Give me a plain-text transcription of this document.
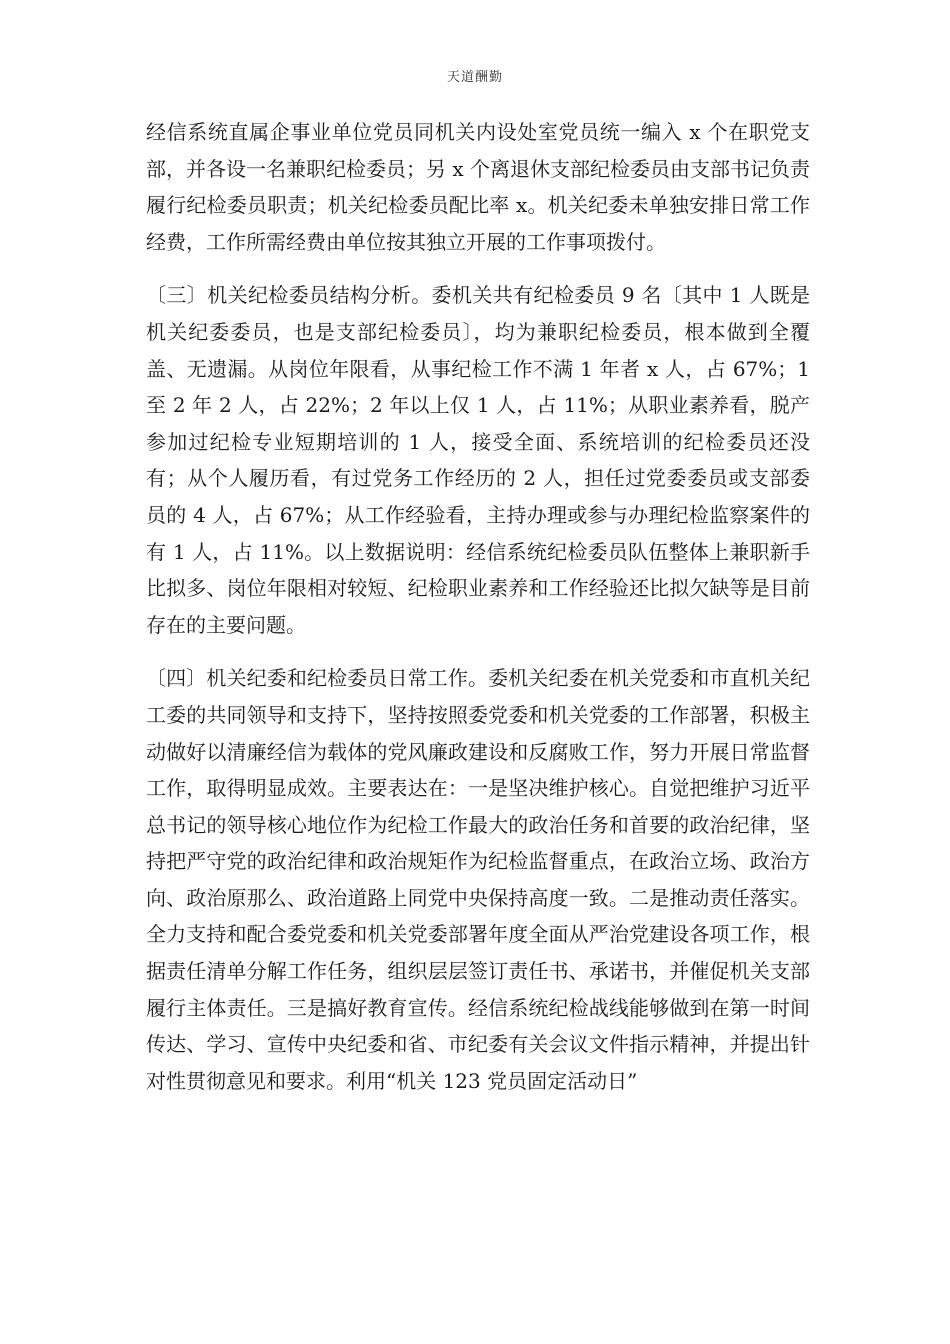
天道酬勤

经信系统直属企事业单位党员同机关内设处室党员统一编入 x 个在职党支部，并各设一名兼职纪检委员；另 x 个离退休支部纪检委员由支部书记负责履行纪检委员职责；机关纪检委员配比率 x。机关纪委未单独安排日常工作经费，工作所需经费由单位按其独立开展的工作事项拨付。

〔三〕机关纪检委员结构分析。委机关共有纪检委员 9 名〔其中 1 人既是机关纪委委员，也是支部纪检委员〕，均为兼职纪检委员，根本做到全覆盖、无遗漏。从岗位年限看，从事纪检工作不满 1 年者 x 人，占 67%；1 至 2 年 2 人，占 22%；2 年以上仅 1 人，占 11%；从职业素养看，脱产参加过纪检专业短期培训的 1 人，接受全面、系统培训的纪检委员还没有；从个人履历看，有过党务工作经历的 2 人，担任过党委委员或支部委员的 4 人，占 67%；从工作经验看，主持办理或参与办理纪检监察案件的有 1 人，占 11%。以上数据说明：经信系统纪检委员队伍整体上兼职新手比拟多、岗位年限相对较短、纪检职业素养和工作经验还比拟欠缺等是目前存在的主要问题。

〔四〕机关纪委和纪检委员日常工作。委机关纪委在机关党委和市直机关纪工委的共同领导和支持下，坚持按照委党委和机关党委的工作部署，积极主动做好以清廉经信为载体的党风廉政建设和反腐败工作，努力开展日常监督工作，取得明显成效。主要表达在：一是坚决维护核心。自觉把维护习近平总书记的领导核心地位作为纪检工作最大的政治任务和首要的政治纪律，坚持把严守党的政治纪律和政治规矩作为纪检监督重点，在政治立场、政治方向、政治原那么、政治道路上同党中央保持高度一致。二是推动责任落实。全力支持和配合委党委和机关党委部署年度全面从严治党建设各项工作，根据责任清单分解工作任务，组织层层签订责任书、承诺书，并催促机关支部履行主体责任。三是搞好教育宣传。经信系统纪检战线能够做到在第一时间传达、学习、宣传中央纪委和省、市纪委有关会议文件指示精神，并提出针对性贯彻意见和要求。利用“机关 123 党员固定活动日”
